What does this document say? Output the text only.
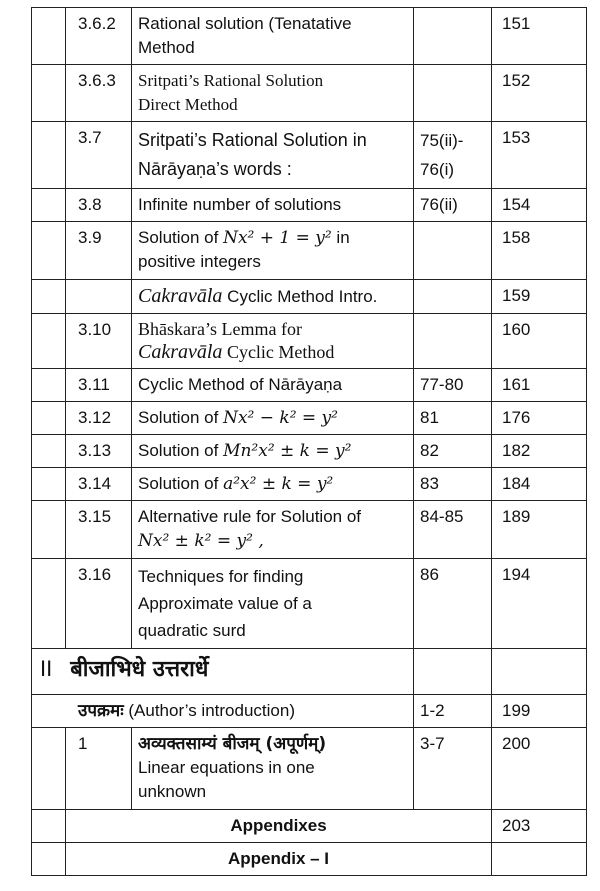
	3.6.2	Rational solution (Tenatative
Method		151
	3.6.3	Sritpati’s Rational Solution
Direct Method		152
	3.7	Sritpati’s Rational Solution in
Nārāyaṇa’s words :	75(ii)-
76(i)	153
	3.8	Infinite number of solutions	76(ii)	154
	3.9	Solution of Nx² + 1 = y² in
positive integers		158
		Cakravāla Cyclic Method Intro.		159
	3.10	Bhāskara’s Lemma for
Cakravāla Cyclic Method		160
	3.11	Cyclic Method of Nārāyaṇa	77-80	161
	3.12	Solution of Nx² − k² = y²	81	176
	3.13	Solution of Mn²x² ± k = y²	82	182
	3.14	Solution of a²x² ± k = y²	83	184
	3.15	Alternative rule for Solution of
Nx² ± k² = y² ,	84-85	189
	3.16	Techniques for finding
Approximate value of a
quadratic surd	86	194
II बीजाभिधे उत्तरार्धे				
उपक्रमः (Author’s introduction)			1-2	199
	1	अव्यक्तसाम्यं बीजम् (अपूर्णम्)
Linear equations in one
unknown	3-7	200
	Appendixes			203
	Appendix – I			
